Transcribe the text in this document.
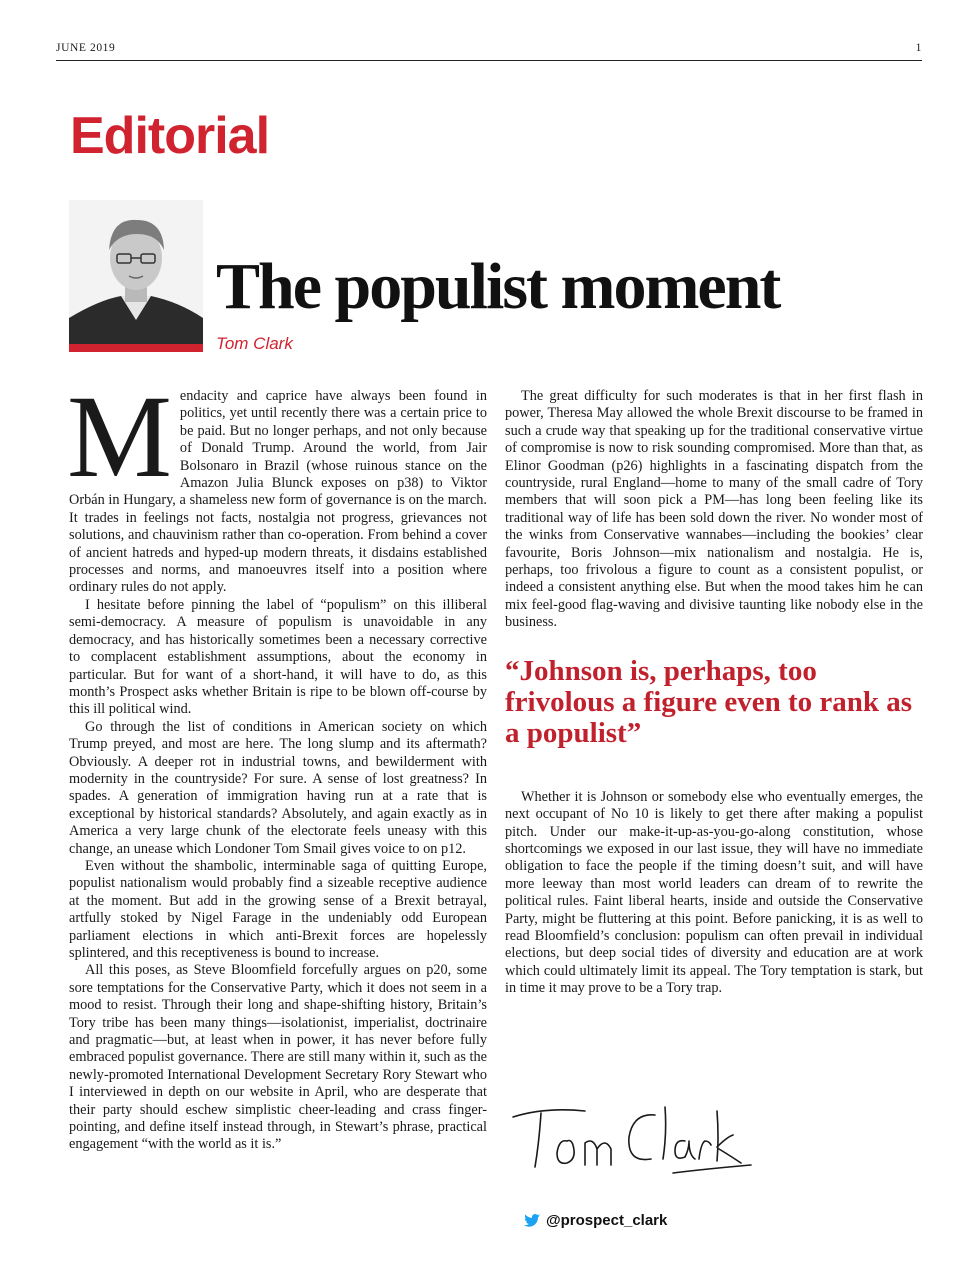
JUNE 2019	1
Editorial
The populist moment
Tom Clark

Mendacity and caprice have always been found in politics, yet until recently there was a certain price to be paid. But no longer perhaps, and not only because of Donald Trump. Around the world, from Jair Bolsonaro in Brazil (whose ruinous stance on the Amazon Julia Blunck exposes on p38) to Viktor Orbán in Hungary, a shameless new form of governance is on the march. It trades in feelings not facts, nostalgia not progress, grievances not solutions, and chauvinism rather than co-operation. From behind a cover of ancient hatreds and hyped-up modern threats, it disdains established processes and norms, and manoeuvres itself into a position where ordinary rules do not apply.

I hesitate before pinning the label of “populism” on this illiberal semi-democracy. A measure of populism is unavoidable in any democracy, and has historically sometimes been a necessary corrective to complacent establishment assumptions, about the economy in particular. But for want of a short-hand, it will have to do, as this month’s Prospect asks whether Britain is ripe to be blown off-course by this ill political wind.

Go through the list of conditions in American society on which Trump preyed, and most are here. The long slump and its aftermath? Obviously. A deeper rot in industrial towns, and bewilderment with modernity in the countryside? For sure. A sense of lost greatness? In spades. A generation of immigration having run at a rate that is exceptional by historical standards? Absolutely, and again exactly as in America a very large chunk of the electorate feels uneasy with this change, an unease which Londoner Tom Smail gives voice to on p12.

Even without the shambolic, interminable saga of quitting Europe, populist nationalism would probably find a sizeable receptive audience at the moment. But add in the growing sense of a Brexit betrayal, artfully stoked by Nigel Farage in the undeniably odd European parliament elections in which anti-Brexit forces are hopelessly splintered, and this receptiveness is bound to increase.

All this poses, as Steve Bloomfield forcefully argues on p20, some sore temptations for the Conservative Party, which it does not seem in a mood to resist. Through their long and shape-shifting history, Britain’s Tory tribe has been many things—isolationist, imperialist, doctrinaire and pragmatic—but, at least when in power, it has never before fully embraced populist governance. There are still many within it, such as the newly-promoted International Development Secretary Rory Stewart who I interviewed in depth on our website in April, who are desperate that their party should eschew simplistic cheer-leading and crass finger-pointing, and define itself instead through, in Stewart’s phrase, practical engagement “with the world as it is.”

The great difficulty for such moderates is that in her first flash in power, Theresa May allowed the whole Brexit discourse to be framed in such a crude way that speaking up for the traditional conservative virtue of compromise is now to risk sounding compromised. More than that, as Elinor Goodman (p26) highlights in a fascinating dispatch from the countryside, rural England—home to many of the small cadre of Tory members that will soon pick a PM—has long been feeling like its traditional way of life has been sold down the river. No wonder most of the winks from Conservative wannabes—including the bookies’ clear favourite, Boris Johnson—mix nationalism and nostalgia. He is, perhaps, too frivolous a figure to count as a consistent populist, or indeed a consistent anything else. But when the mood takes him he can mix feel-good flag-waving and divisive taunting like nobody else in the business.

“Johnson is, perhaps, too frivolous a figure even to rank as a populist”

Whether it is Johnson or somebody else who eventually emerges, the next occupant of No 10 is likely to get there after making a populist pitch. Under our make-it-up-as-you-go-along constitution, whose shortcomings we exposed in our last issue, they will have no immediate obligation to face the people if the timing doesn’t suit, and will have more leeway than most world leaders can dream of to rewrite the political rules. Faint liberal hearts, inside and outside the Conservative Party, might be fluttering at this point. Before panicking, it is as well to read Bloomfield’s conclusion: populism can often prevail in individual elections, but deep social tides of diversity and education are at work which could ultimately limit its appeal. The Tory temptation is stark, but in time it may prove to be a Tory trap.

@prospect_clark
